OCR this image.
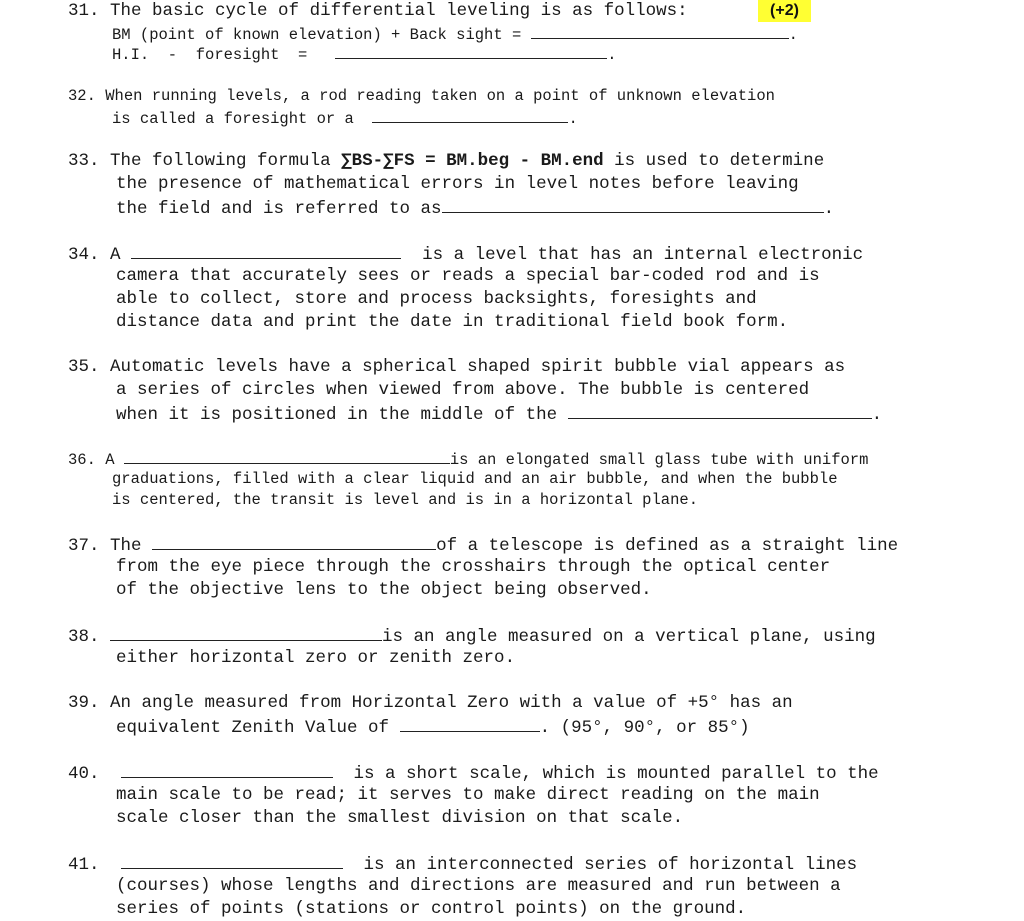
31. The basic cycle of differential leveling is as follows:	(+2)
BM (point of known elevation) + Back sight =	.
H.I.  -  foresight  =	.
32. When running levels, a rod reading taken on a point of unknown elevation
is called a foresight or a	.
33. The following formula ∑BS-∑FS = BM.beg - BM.end is used to determine
the presence of mathematical errors in level notes before leaving
the field and is referred to as	.
34. A	is a level that has an internal electronic
camera that accurately sees or reads a special bar-coded rod and is
able to collect, store and process backsights, foresights and
distance data and print the date in traditional field book form.
35. Automatic levels have a spherical shaped spirit bubble vial appears as
a series of circles when viewed from above. The bubble is centered
when it is positioned in the middle of the	.
36. A	is an elongated small glass tube with uniform
graduations, filled with a clear liquid and an air bubble, and when the bubble
is centered, the transit is level and is in a horizontal plane.
37. The	of a telescope is defined as a straight line
from the eye piece through the crosshairs through the optical center
of the objective lens to the object being observed.
38.	is an angle measured on a vertical plane, using
either horizontal zero or zenith zero.
39. An angle measured from Horizontal Zero with a value of +5° has an
equivalent Zenith Value of	. (95°, 90°, or 85°)
40.	is a short scale, which is mounted parallel to the
main scale to be read; it serves to make direct reading on the main
scale closer than the smallest division on that scale.
41.	is an interconnected series of horizontal lines
(courses) whose lengths and directions are measured and run between a
series of points (stations or control points) on the ground.
